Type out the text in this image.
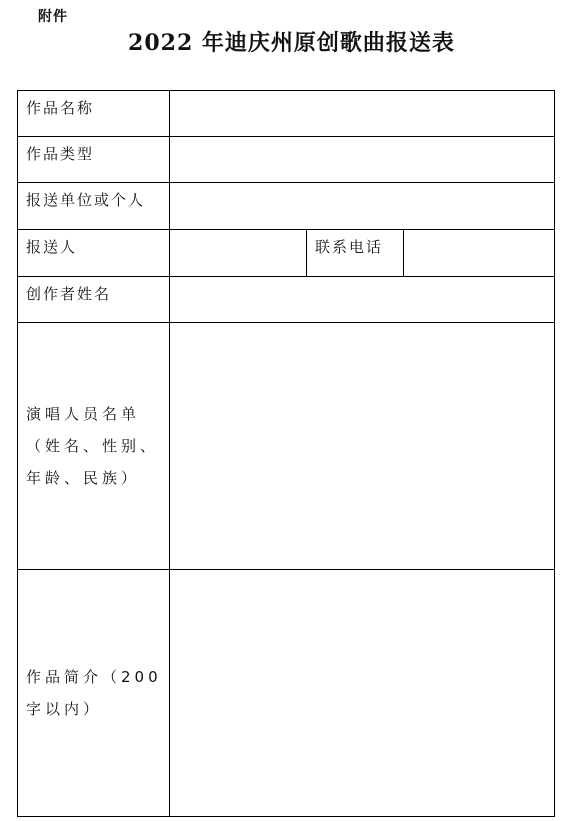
附件
2022 年迪庆州原创歌曲报送表
作品名称			
作品类型			
报送单位或个人			
报送人		联系电话	
创作者姓名			

演唱人员名单
（姓名、性别、
年龄、民族）			

作品简介（200
字以内）			
